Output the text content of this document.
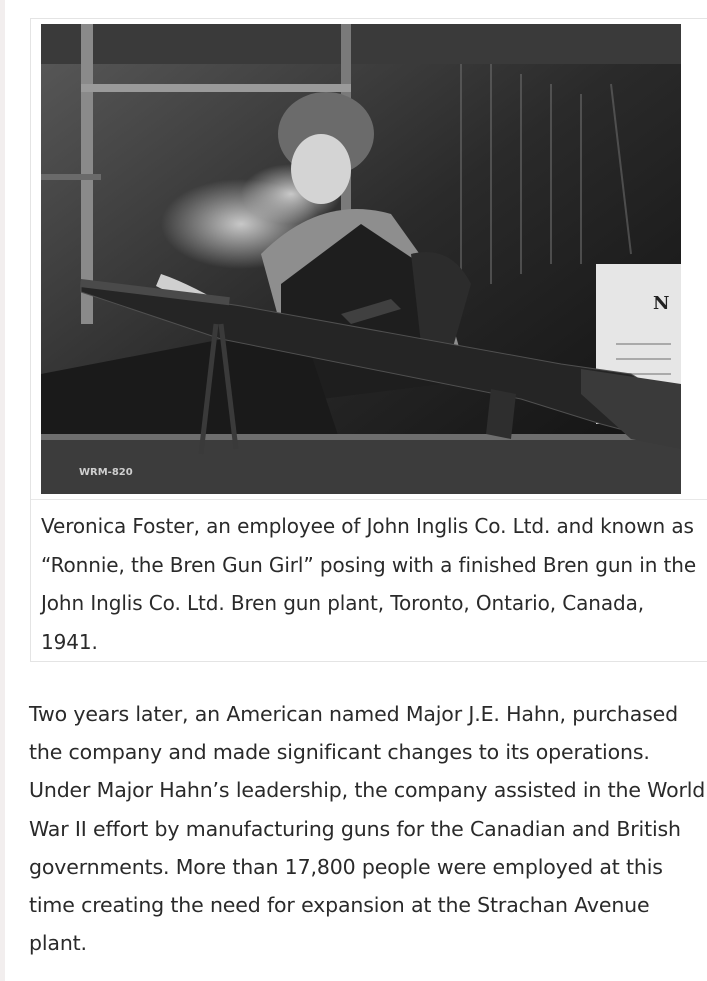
N
WRM-820

Veronica Foster, an employee of John Inglis Co. Ltd. and known as “Ronnie, the Bren Gun Girl” posing with a finished Bren gun in the John Inglis Co. Ltd. Bren gun plant, Toronto, Ontario, Canada, 1941.

Two years later, an American named Major J.E. Hahn, purchased the company and made significant changes to its operations. Under Major Hahn’s leadership, the company assisted in the World War II effort by manufacturing guns for the Canadian and British governments. More than 17,800 people were employed at this time creating the need for expansion at the Strachan Avenue plant.
